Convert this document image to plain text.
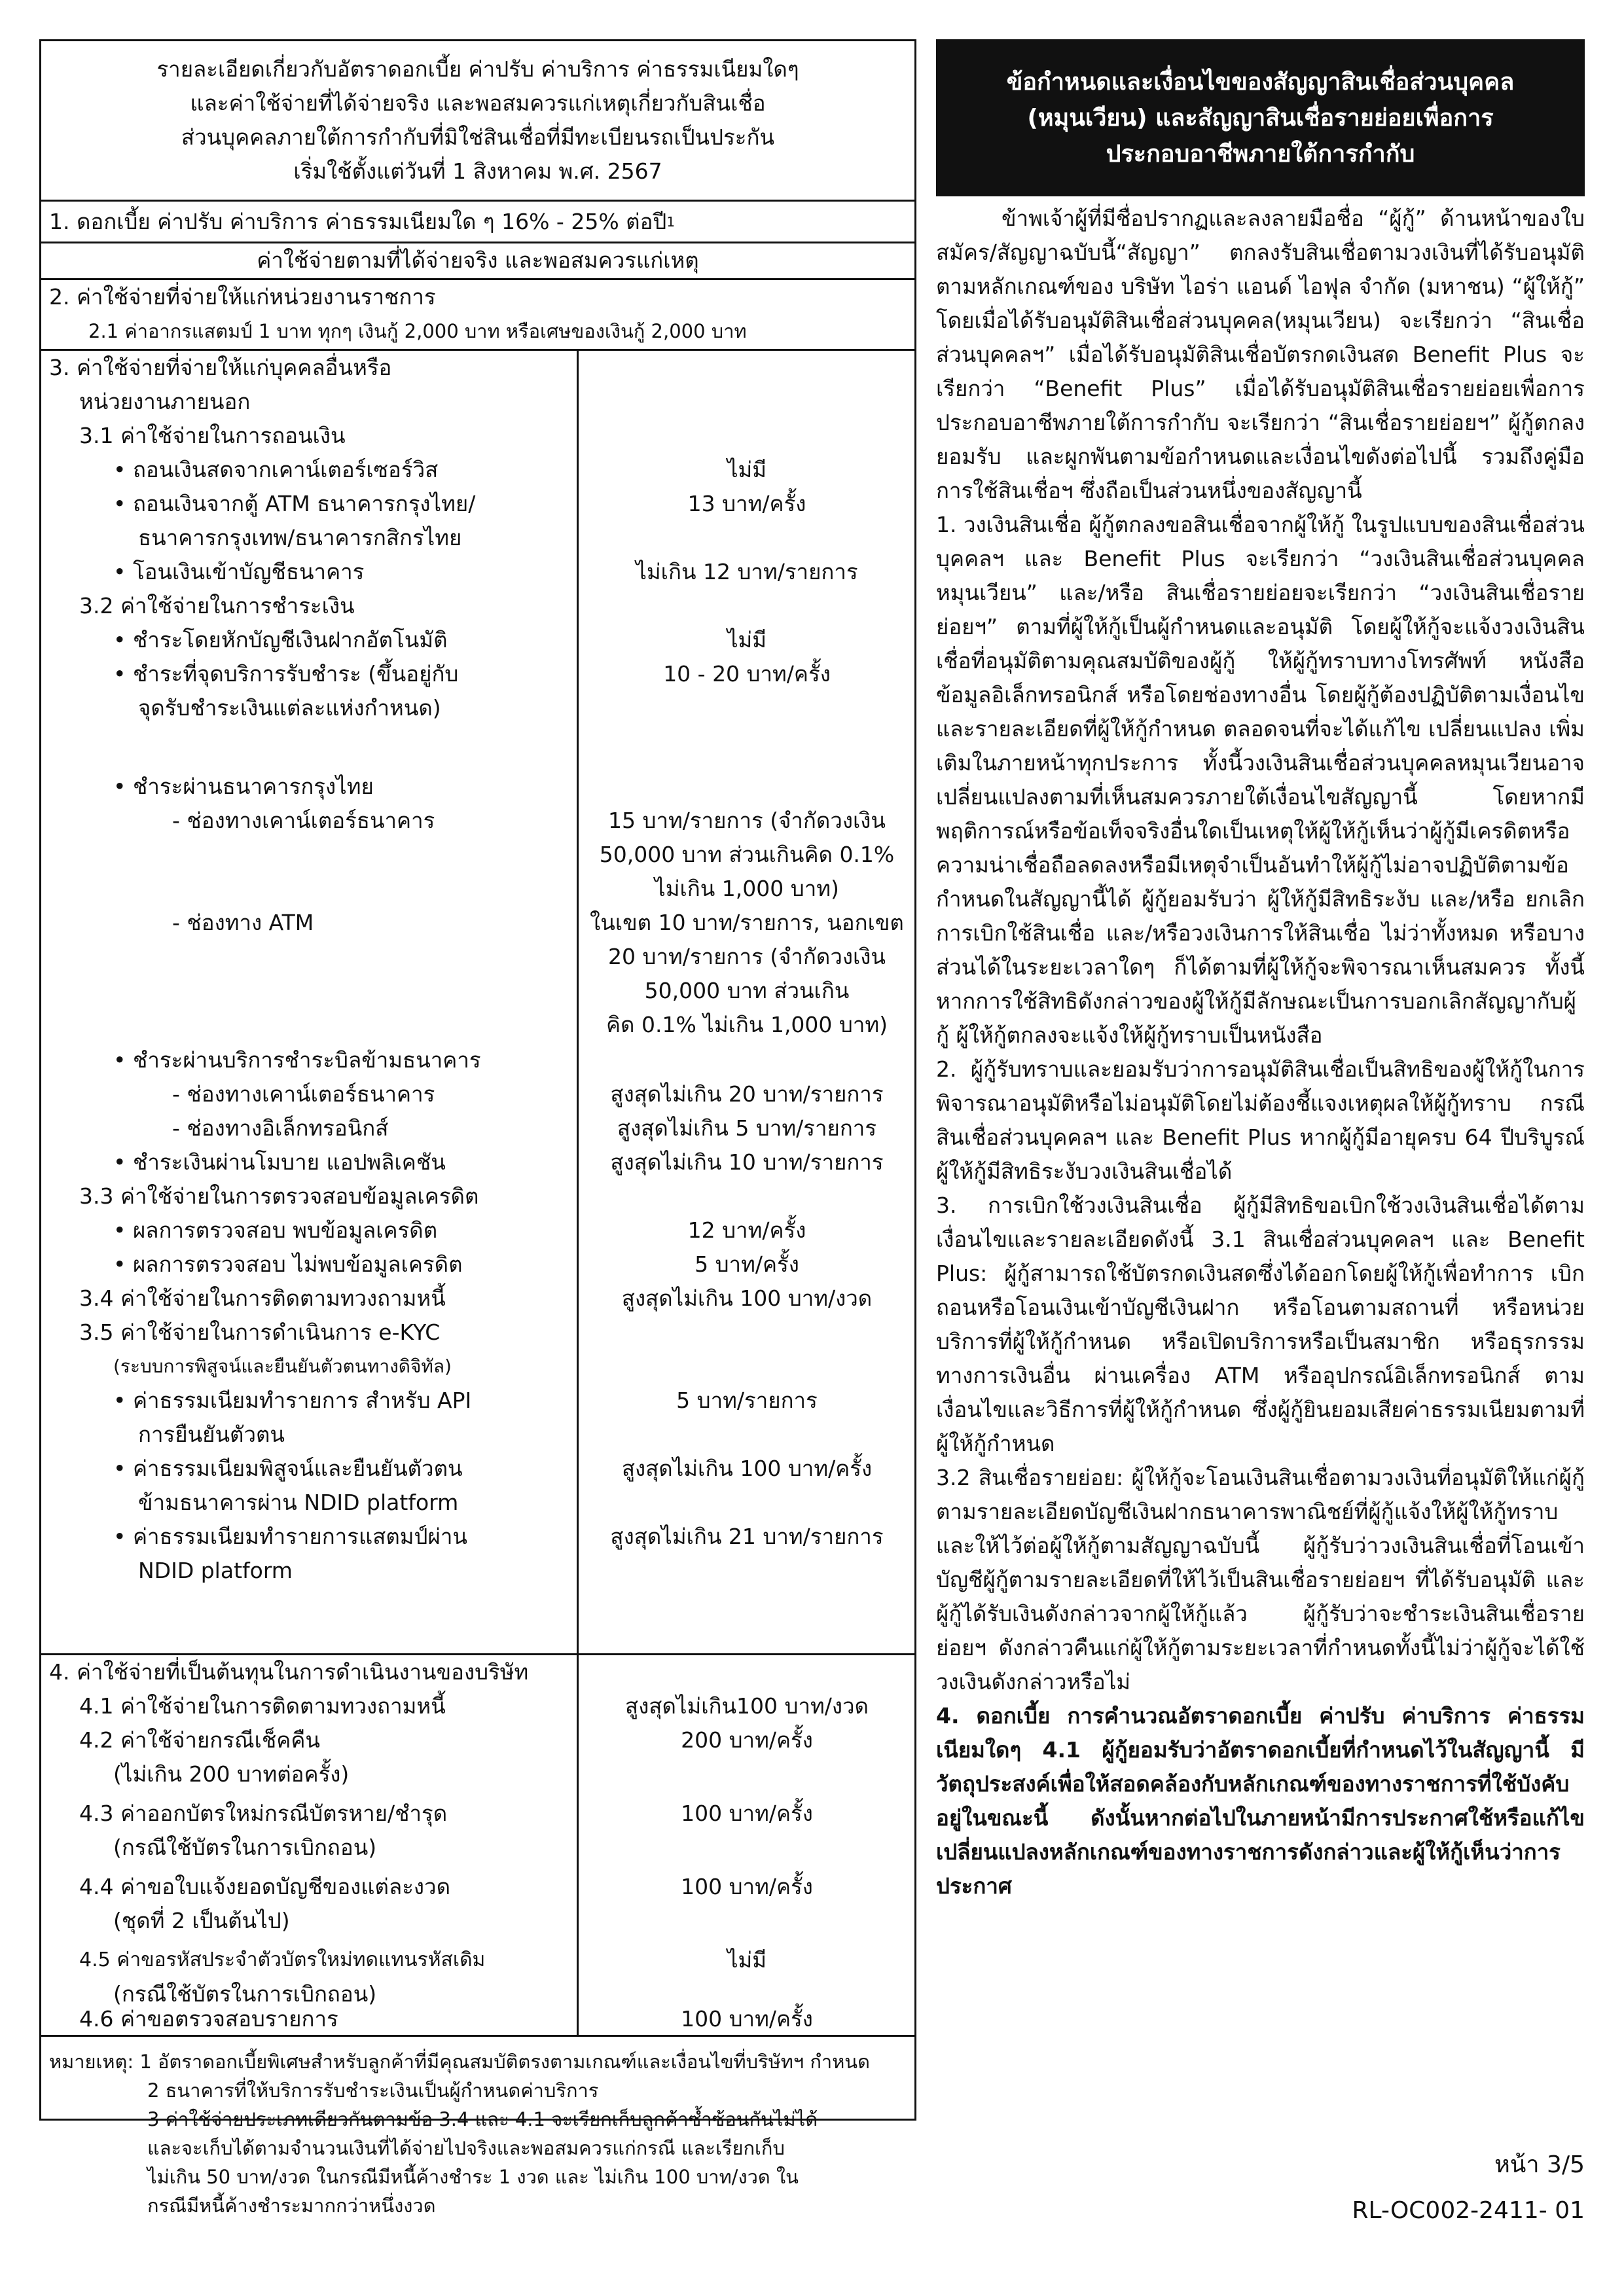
รายละเอียดเกี่ยวกับอัตราดอกเบี้ย ค่าปรับ ค่าบริการ ค่าธรรมเนียมใดๆ
และค่าใช้จ่ายที่ได้จ่ายจริง และพอสมควรแก่เหตุเกี่ยวกับสินเชื่อ
ส่วนบุคคลภายใต้การกำกับที่มิใช่สินเชื่อที่มีทะเบียนรถเป็นประกัน
เริ่มใช้ตั้งแต่วันที่ 1 สิงหาคม พ.ศ. 2567
1. ดอกเบี้ย ค่าปรับ ค่าบริการ ค่าธรรมเนียมใด ๆ 16% - 25% ต่อปี 1
ค่าใช้จ่ายตามที่ได้จ่ายจริง และพอสมควรแก่เหตุ
2. ค่าใช้จ่ายที่จ่ายให้แก่หน่วยงานราชการ
2.1 ค่าอากรแสตมป์ 1 บาท ทุกๆ เงินกู้ 2,000 บาท หรือเศษของเงินกู้ 2,000 บาท
3. ค่าใช้จ่ายที่จ่ายให้แก่บุคคลอื่นหรือ
หน่วยงานภายนอก
3.1 ค่าใช้จ่ายในการถอนเงิน
• ถอนเงินสดจากเคาน์เตอร์เซอร์วิส
• ถอนเงินจากตู้ ATM ธนาคารกรุงไทย/
ธนาคารกรุงเทพ/ธนาคารกสิกรไทย
• โอนเงินเข้าบัญชีธนาคาร
3.2 ค่าใช้จ่ายในการชำระเงิน
• ชำระโดยหักบัญชีเงินฝากอัตโนมัติ
• ชำระที่จุดบริการรับชำระ (ขึ้นอยู่กับ
จุดรับชำระเงินแต่ละแห่งกำหนด)
• ชำระผ่านธนาคารกรุงไทย
- ช่องทางเคาน์เตอร์ธนาคาร
- ช่องทาง ATM
• ชำระผ่านบริการชำระบิลข้ามธนาคาร
- ช่องทางเคาน์เตอร์ธนาคาร
- ช่องทางอิเล็กทรอนิกส์
• ชำระเงินผ่านโมบาย แอปพลิเคชัน
3.3 ค่าใช้จ่ายในการตรวจสอบข้อมูลเครดิต
• ผลการตรวจสอบ พบข้อมูลเครดิต
• ผลการตรวจสอบ ไม่พบข้อมูลเครดิต
3.4 ค่าใช้จ่ายในการติดตามทวงถามหนี้
3.5 ค่าใช้จ่ายในการดำเนินการ e-KYC
(ระบบการพิสูจน์และยืนยันตัวตนทางดิจิทัล)
• ค่าธรรมเนียมทำรายการ สำหรับ API
การยืนยันตัวตน
• ค่าธรรมเนียมพิสูจน์และยืนยันตัวตน
ข้ามธนาคารผ่าน NDID platform
• ค่าธรรมเนียมทำรายการแสตมป์ผ่าน
NDID platform
ไม่มี
13 บาท/ครั้ง
ไม่เกิน 12 บาท/รายการ
ไม่มี
10 - 20 บาท/ครั้ง
15 บาท/รายการ (จำกัดวงเงิน
50,000 บาท ส่วนเกินคิด 0.1%
ไม่เกิน 1,000 บาท)
ในเขต 10 บาท/รายการ, นอกเขต
20 บาท/รายการ (จำกัดวงเงิน
50,000 บาท ส่วนเกิน
คิด 0.1% ไม่เกิน 1,000 บาท)
สูงสุดไม่เกิน 20 บาท/รายการ
สูงสุดไม่เกิน 5 บาท/รายการ
สูงสุดไม่เกิน 10 บาท/รายการ
12 บาท/ครั้ง
5 บาท/ครั้ง
สูงสุดไม่เกิน 100 บาท/งวด
5 บาท/รายการ
สูงสุดไม่เกิน 100 บาท/ครั้ง
สูงสุดไม่เกิน 21 บาท/รายการ
4. ค่าใช้จ่ายที่เป็นต้นทุนในการดำเนินงานของบริษัท
4.1 ค่าใช้จ่ายในการติดตามทวงถามหนี้
4.2 ค่าใช้จ่ายกรณีเช็คคืน
(ไม่เกิน 200 บาทต่อครั้ง)
4.3 ค่าออกบัตรใหม่กรณีบัตรหาย/ชำรุด
(กรณีใช้บัตรในการเบิกถอน)
4.4 ค่าขอใบแจ้งยอดบัญชีของแต่ละงวด
(ชุดที่ 2 เป็นต้นไป)
4.5 ค่าขอรหัสประจำตัวบัตรใหม่ทดแทนรหัสเดิม
(กรณีใช้บัตรในการเบิกถอน)
4.6 ค่าขอตรวจสอบรายการ
สูงสุดไม่เกิน100 บาท/งวด
200 บาท/ครั้ง
100 บาท/ครั้ง
100 บาท/ครั้ง
ไม่มี
100 บาท/ครั้ง
หมายเหตุ: 1 อัตราดอกเบี้ยพิเศษสำหรับลูกค้าที่มีคุณสมบัติตรงตามเกณฑ์และเงื่อนไขที่บริษัทฯ กำหนด
2 ธนาคารที่ให้บริการรับชำระเงินเป็นผู้กำหนดค่าบริการ
3 ค่าใช้จ่ายประเภทเดียวกันตามข้อ 3.4 และ 4.1 จะเรียกเก็บลูกค้าซ้ำซ้อนกันไม่ได้
และจะเก็บได้ตามจำนวนเงินที่ได้จ่ายไปจริงและพอสมควรแก่กรณี และเรียกเก็บ
ไม่เกิน 50 บาท/งวด ในกรณีมีหนี้ค้างชำระ 1 งวด และ ไม่เกิน 100 บาท/งวด ใน
กรณีมีหนี้ค้างชำระมากกว่าหนึ่งงวด
ข้อกำหนดและเงื่อนไขของสัญญาสินเชื่อส่วนบุคคล
(หมุนเวียน) และสัญญาสินเชื่อรายย่อยเพื่อการ
ประกอบอาชีพภายใต้การกำกับ

ข้าพเจ้าผู้ที่มีชื่อปรากฏและลงลายมือชื่อ “ผู้กู้” ด้านหน้าของใบสมัคร/สัญญาฉบับนี้“สัญญา” ตกลงรับสินเชื่อตามวงเงินที่ได้รับอนุมัติตามหลักเกณฑ์ของ บริษัท ไอร่า แอนด์ ไอฟุล จำกัด (มหาชน) “ผู้ให้กู้” โดยเมื่อได้รับอนุมัติสินเชื่อส่วนบุคคล(หมุนเวียน) จะเรียกว่า “สินเชื่อส่วนบุคคลฯ” เมื่อได้รับอนุมัติสินเชื่อบัตรกดเงินสด Benefit Plus จะเรียกว่า “Benefit Plus” เมื่อได้รับอนุมัติสินเชื่อรายย่อยเพื่อการประกอบอาชีพภายใต้การกำกับ จะเรียกว่า “สินเชื่อรายย่อยฯ” ผู้กู้ตกลงยอมรับ และผูกพันตามข้อกำหนดและเงื่อนไขดังต่อไปนี้ รวมถึงคู่มือการใช้สินเชื่อฯ ซึ่งถือเป็นส่วนหนึ่งของสัญญานี้

1. วงเงินสินเชื่อ ผู้กู้ตกลงขอสินเชื่อจากผู้ให้กู้ ในรูปแบบของสินเชื่อส่วนบุคคลฯ และ Benefit Plus จะเรียกว่า “วงเงินสินเชื่อส่วนบุคคลหมุนเวียน” และ/หรือ สินเชื่อรายย่อยจะเรียกว่า “วงเงินสินเชื่อรายย่อยฯ” ตามที่ผู้ให้กู้เป็นผู้กำหนดและอนุมัติ โดยผู้ให้กู้จะแจ้งวงเงินสินเชื่อที่อนุมัติตามคุณสมบัติของผู้กู้ ให้ผู้กู้ทราบทางโทรศัพท์ หนังสือ ข้อมูลอิเล็กทรอนิกส์ หรือโดยช่องทางอื่น โดยผู้กู้ต้องปฏิบัติตามเงื่อนไข และรายละเอียดที่ผู้ให้กู้กำหนด ตลอดจนที่จะได้แก้ไข เปลี่ยนแปลง เพิ่มเติมในภายหน้าทุกประการ ทั้งนี้วงเงินสินเชื่อส่วนบุคคลหมุนเวียนอาจเปลี่ยนแปลงตามที่เห็นสมควรภายใต้เงื่อนไขสัญญานี้ โดยหากมีพฤติการณ์หรือข้อเท็จจริงอื่นใดเป็นเหตุให้ผู้ให้กู้เห็นว่าผู้กู้มีเครดิตหรือความน่าเชื่อถือลดลงหรือมีเหตุจำเป็นอันทำให้ผู้กู้ไม่อาจปฏิบัติตามข้อกำหนดในสัญญานี้ได้ ผู้กู้ยอมรับว่า ผู้ให้กู้มีสิทธิระงับ และ/หรือ ยกเลิกการเบิกใช้สินเชื่อ และ/หรือวงเงินการให้สินเชื่อ ไม่ว่าทั้งหมด หรือบางส่วนได้ในระยะเวลาใดๆ ก็ได้ตามที่ผู้ให้กู้จะพิจารณาเห็นสมควร ทั้งนี้ หากการใช้สิทธิดังกล่าวของผู้ให้กู้มีลักษณะเป็นการบอกเลิกสัญญากับผู้กู้ ผู้ให้กู้ตกลงจะแจ้งให้ผู้กู้ทราบเป็นหนังสือ

2. ผู้กู้รับทราบและยอมรับว่าการอนุมัติสินเชื่อเป็นสิทธิของผู้ให้กู้ในการพิจารณาอนุมัติหรือไม่อนุมัติโดยไม่ต้องชี้แจงเหตุผลให้ผู้กู้ทราบ กรณีสินเชื่อส่วนบุคคลฯ และ Benefit Plus หากผู้กู้มีอายุครบ 64 ปีบริบูรณ์ ผู้ให้กู้มีสิทธิระงับวงเงินสินเชื่อได้

3. การเบิกใช้วงเงินสินเชื่อ ผู้กู้มีสิทธิขอเบิกใช้วงเงินสินเชื่อได้ตามเงื่อนไขและรายละเอียดดังนี้ 3.1 สินเชื่อส่วนบุคคลฯ และ Benefit Plus: ผู้กู้สามารถใช้บัตรกดเงินสดซึ่งได้ออกโดยผู้ให้กู้เพื่อทำการ เบิก ถอนหรือโอนเงินเข้าบัญชีเงินฝาก หรือโอนตามสถานที่ หรือหน่วยบริการที่ผู้ให้กู้กำหนด หรือเปิดบริการหรือเป็นสมาชิก หรือธุรกรรมทางการเงินอื่น ผ่านเครื่อง ATM หรืออุปกรณ์อิเล็กทรอนิกส์ ตามเงื่อนไขและวิธีการที่ผู้ให้กู้กำหนด ซึ่งผู้กู้ยินยอมเสียค่าธรรมเนียมตามที่ผู้ให้กู้กำหนด

3.2 สินเชื่อรายย่อย: ผู้ให้กู้จะโอนเงินสินเชื่อตามวงเงินที่อนุมัติให้แก่ผู้กู้ตามรายละเอียดบัญชีเงินฝากธนาคารพาณิชย์ที่ผู้กู้แจ้งให้ผู้ให้กู้ทราบ และให้ไว้ต่อผู้ให้กู้ตามสัญญาฉบับนี้ ผู้กู้รับว่าวงเงินสินเชื่อที่โอนเข้าบัญชีผู้กู้ตามรายละเอียดที่ให้ไว้เป็นสินเชื่อรายย่อยฯ ที่ได้รับอนุมัติ และผู้กู้ได้รับเงินดังกล่าวจากผู้ให้กู้แล้ว ผู้กู้รับว่าจะชำระเงินสินเชื่อรายย่อยฯ ดังกล่าวคืนแก่ผู้ให้กู้ตามระยะเวลาที่กำหนดทั้งนี้ไม่ว่าผู้กู้จะได้ใช้วงเงินดังกล่าวหรือไม่

4. ดอกเบี้ย การคำนวณอัตราดอกเบี้ย ค่าปรับ ค่าบริการ ค่าธรรมเนียมใดๆ 4.1 ผู้กู้ยอมรับว่าอัตราดอกเบี้ยที่กำหนดไว้ในสัญญานี้ มีวัตถุประสงค์เพื่อให้สอดคล้องกับหลักเกณฑ์ของทางราชการที่ใช้บังคับอยู่ในขณะนี้ ดังนั้นหากต่อไปในภายหน้ามีการประกาศใช้หรือแก้ไขเปลี่ยนแปลงหลักเกณฑ์ของทางราชการดังกล่าวและผู้ให้กู้เห็นว่าการประกาศ

หน้า 3/5
RL-OC002-2411- 01
